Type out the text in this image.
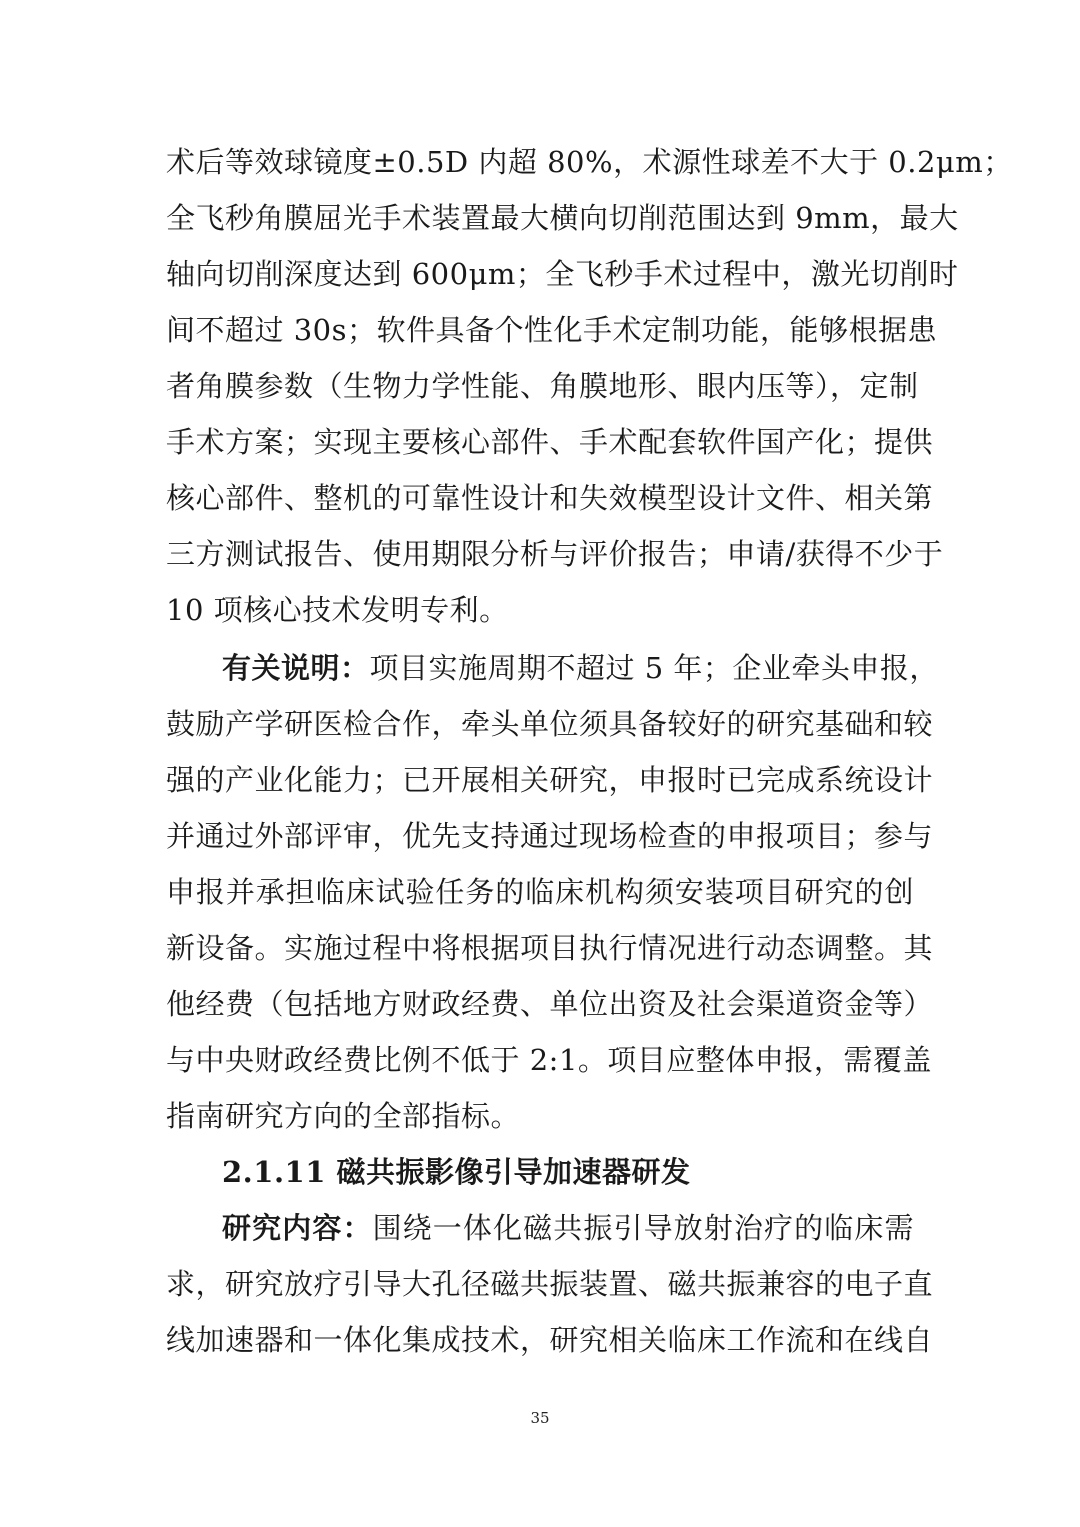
术后等效球镜度±0.5D 内超 80%，术源性球差不大于 0.2μm；
全飞秒角膜屈光手术装置最大横向切削范围达到 9mm，最大
轴向切削深度达到 600μm；全飞秒手术过程中，激光切削时
间不超过 30s；软件具备个性化手术定制功能，能够根据患
者角膜参数（生物力学性能、角膜地形、眼内压等），定制
手术方案；实现主要核心部件、手术配套软件国产化；提供
核心部件、整机的可靠性设计和失效模型设计文件、相关第
三方测试报告、使用期限分析与评价报告；申请/获得不少于
10 项核心技术发明专利。
有关说明：项目实施周期不超过 5 年；企业牵头申报，
鼓励产学研医检合作，牵头单位须具备较好的研究基础和较
强的产业化能力；已开展相关研究，申报时已完成系统设计
并通过外部评审，优先支持通过现场检查的申报项目；参与
申报并承担临床试验任务的临床机构须安装项目研究的创
新设备。实施过程中将根据项目执行情况进行动态调整。其
他经费（包括地方财政经费、单位出资及社会渠道资金等）
与中央财政经费比例不低于 2:1。项目应整体申报，需覆盖
指南研究方向的全部指标。
2.1.11 磁共振影像引导加速器研发
研究内容：围绕一体化磁共振引导放射治疗的临床需
求，研究放疗引导大孔径磁共振装置、磁共振兼容的电子直
线加速器和一体化集成技术，研究相关临床工作流和在线自
35
